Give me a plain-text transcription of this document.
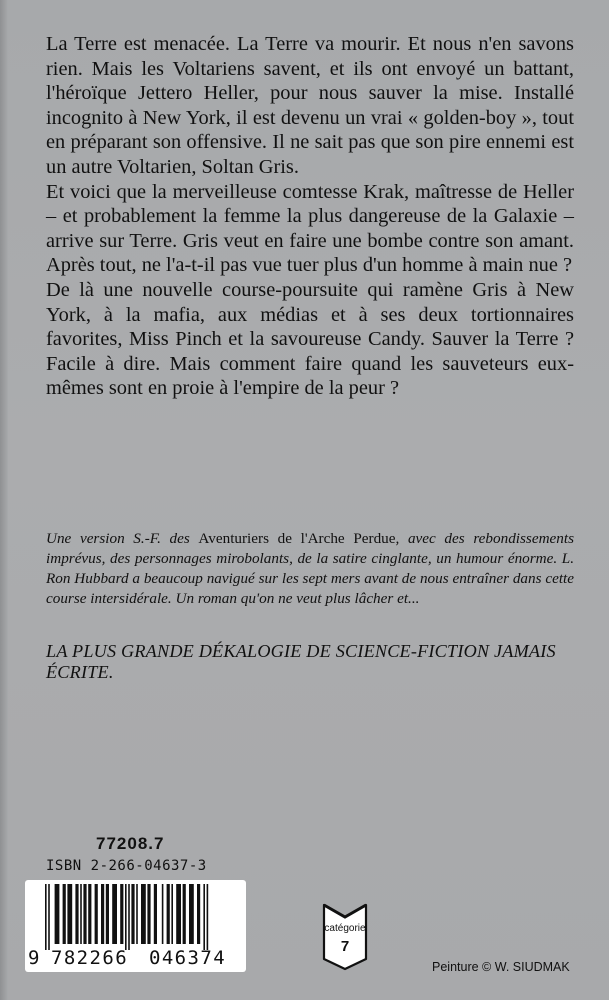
La Terre est menacée. La Terre va mourir. Et nous n'en savons rien. Mais les Voltariens savent, et ils ont envoyé un battant, l'héroïque Jettero Heller, pour nous sauver la mise. Installé incognito à New York, il est devenu un vrai « golden-boy », tout en préparant son offensive. Il ne sait pas que son pire ennemi est un autre Voltarien, Soltan Gris.

Et voici que la merveilleuse comtesse Krak, maîtresse de Heller – et probablement la femme la plus dangereuse de la Galaxie – arrive sur Terre. Gris veut en faire une bombe contre son amant. Après tout, ne l'a-t-il pas vue tuer plus d'un homme à main nue ?

De là une nouvelle course-poursuite qui ramène Gris à New York, à la mafia, aux médias et à ses deux tortionnaires favorites, Miss Pinch et la savoureuse Candy. Sauver la Terre ? Facile à dire. Mais comment faire quand les sauveteurs eux-mêmes sont en proie à l'empire de la peur ?

Une version S.-F. des Aventuriers de l'Arche Perdue, avec des rebondissements imprévus, des personnages mirobolants, de la satire cinglante, un humour énorme. L. Ron Hubbard a beaucoup navigué sur les sept mers avant de nous entraîner dans cette course intersidérale. Un roman qu'on ne veut plus lâcher et...
LA PLUS GRANDE DÉKALOGIE DE SCIENCE-FICTION JAMAIS ÉCRITE.
77208.7
ISBN 2-266-04637-3
9 782266 046374
catégorie
7
Peinture © W. SIUDMAK
